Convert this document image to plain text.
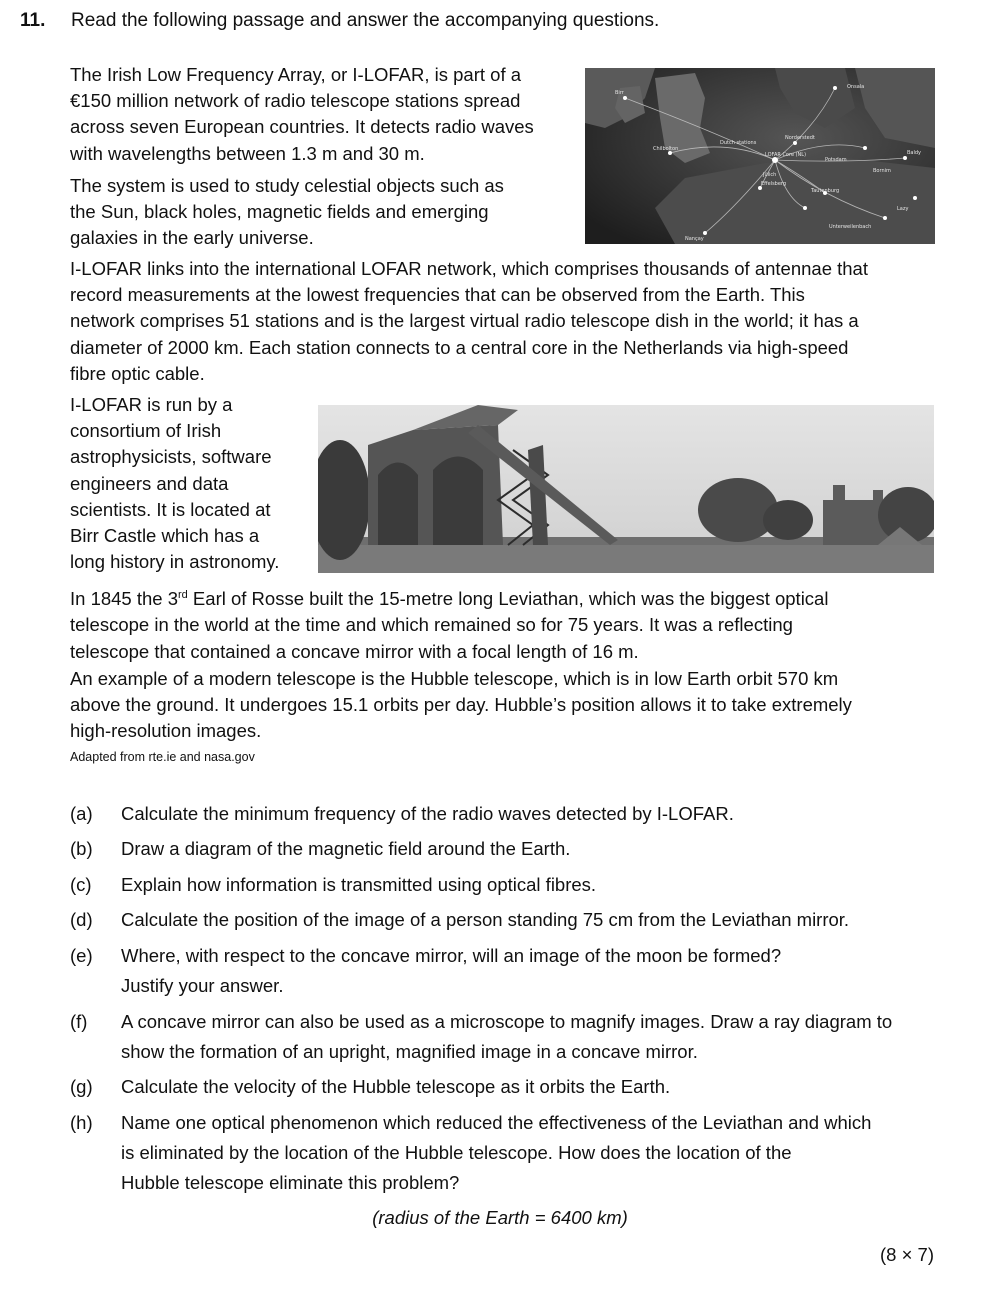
11. Read the following passage and answer the accompanying questions.
The Irish Low Frequency Array, or I-LOFAR, is part of a
€150 million network of radio telescope stations spread
across seven European countries. It detects radio waves
with wavelengths between 1.3 m and 30 m.
The system is used to study celestial objects such as
the Sun, black holes, magnetic fields and emerging
galaxies in the early universe.
Onsala
Birr
Chilbolton
Dutch stations
Norderstedt
LOFAR Core (NL)
Potsdam
Baldy
Jülich
Effelsberg
Bornim
Tautenburg
Lazy
Unterweilenbach
Nançay
I-LOFAR links into the international LOFAR network, which comprises thousands of antennae that
record measurements at the lowest frequencies that can be observed from the Earth. This
network comprises 51 stations and is the largest virtual radio telescope dish in the world; it has a
diameter of 2000 km. Each station connects to a central core in the Netherlands via high-speed
fibre optic cable.
I-LOFAR is run by a
consortium of Irish
astrophysicists, software
engineers and data
scientists. It is located at
Birr Castle which has a
long history in astronomy.
In 1845 the 3rd Earl of Rosse built the 15-metre long Leviathan, which was the biggest optical
telescope in the world at the time and which remained so for 75 years. It was a reflecting
telescope that contained a concave mirror with a focal length of 16 m.
An example of a modern telescope is the Hubble telescope, which is in low Earth orbit 570 km
above the ground. It undergoes 15.1 orbits per day. Hubble’s position allows it to take extremely
high-resolution images.
Adapted from rte.ie and nasa.gov
(a)	Calculate the minimum frequency of the radio waves detected by I-LOFAR.
(b)	Draw a diagram of the magnetic field around the Earth.
(c)	Explain how information is transmitted using optical fibres.
(d)	Calculate the position of the image of a person standing 75 cm from the Leviathan mirror.
(e)	Where, with respect to the concave mirror, will an image of the moon be formed?
Justify your answer.
(f)	A concave mirror can also be used as a microscope to magnify images. Draw a ray diagram to
show the formation of an upright, magnified image in a concave mirror.
(g)	Calculate the velocity of the Hubble telescope as it orbits the Earth.
(h)	Name one optical phenomenon which reduced the effectiveness of the Leviathan and which
is eliminated by the location of the Hubble telescope. How does the location of the
Hubble telescope eliminate this problem?
(radius of the Earth = 6400 km)
(8 × 7)
